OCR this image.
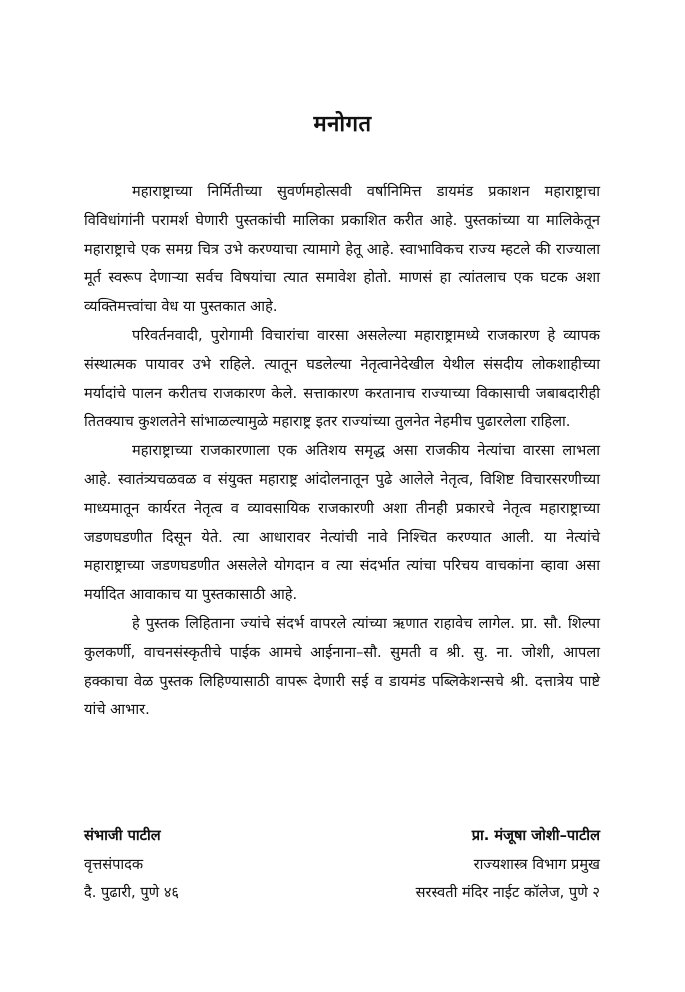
मनोगत

महाराष्ट्राच्या निर्मितीच्या सुवर्णमहोत्सवी वर्षानिमित्त डायमंड प्रकाशन महाराष्ट्राचा विविधांगांनी परामर्श घेणारी पुस्तकांची मालिका प्रकाशित करीत आहे. पुस्तकांच्या या मालिकेतून महाराष्ट्राचे एक समग्र चित्र उभे करण्याचा त्यामागे हेतू आहे. स्वाभाविकच राज्य म्हटले की राज्याला मूर्त स्वरूप देणाऱ्या सर्वच विषयांचा त्यात समावेश होतो. माणसं हा त्यांतलाच एक घटक अशा व्यक्तिमत्त्वांचा वेध या पुस्तकात आहे.

परिवर्तनवादी, पुरोगामी विचारांचा वारसा असलेल्या महाराष्ट्रामध्ये राजकारण हे व्यापक संस्थात्मक पायावर उभे राहिले. त्यातून घडलेल्या नेतृत्वानेदेखील येथील संसदीय लोकशाहीच्या मर्यादांचे पालन करीतच राजकारण केले. सत्ताकारण करतानाच राज्याच्या विकासाची जबाबदारीही तितक्याच कुशलतेने सांभाळल्यामुळे महाराष्ट्र इतर राज्यांच्या तुलनेत नेहमीच पुढारलेला राहिला.

महाराष्ट्राच्या राजकारणाला एक अतिशय समृद्ध असा राजकीय नेत्यांचा वारसा लाभला आहे. स्वातंत्र्यचळवळ व संयुक्त महाराष्ट्र आंदोलनातून पुढे आलेले नेतृत्व, विशिष्ट विचारसरणीच्या माध्यमातून कार्यरत नेतृत्व व व्यावसायिक राजकारणी अशा तीनही प्रकारचे नेतृत्व महाराष्ट्राच्या जडणघडणीत दिसून येते. त्या आधारावर नेत्यांची नावे निश्चित करण्यात आली. या नेत्यांचे महाराष्ट्राच्या जडणघडणीत असलेले योगदान व त्या संदर्भात त्यांचा परिचय वाचकांना व्हावा असा मर्यादित आवाकाच या पुस्तकासाठी आहे.

हे पुस्तक लिहिताना ज्यांचे संदर्भ वापरले त्यांच्या ऋणात राहावेच लागेल. प्रा. सौ. शिल्पा कुलकर्णी, वाचनसंस्कृतीचे पाईक आमचे आईनाना–सौ. सुमती व श्री. सु. ना. जोशी, आपला हक्काचा वेळ पुस्तक लिहिण्यासाठी वापरू देणारी सई व डायमंड पब्लिकेशन्सचे श्री. दत्तात्रेय पाष्टे यांचे आभार.

संभाजी पाटील
वृत्तसंपादक
दै. पुढारी, पुणे ४६
प्रा. मंजूषा जोशी–पाटील
राज्यशास्त्र विभाग प्रमुख
सरस्वती मंदिर नाईट कॉलेज, पुणे २
